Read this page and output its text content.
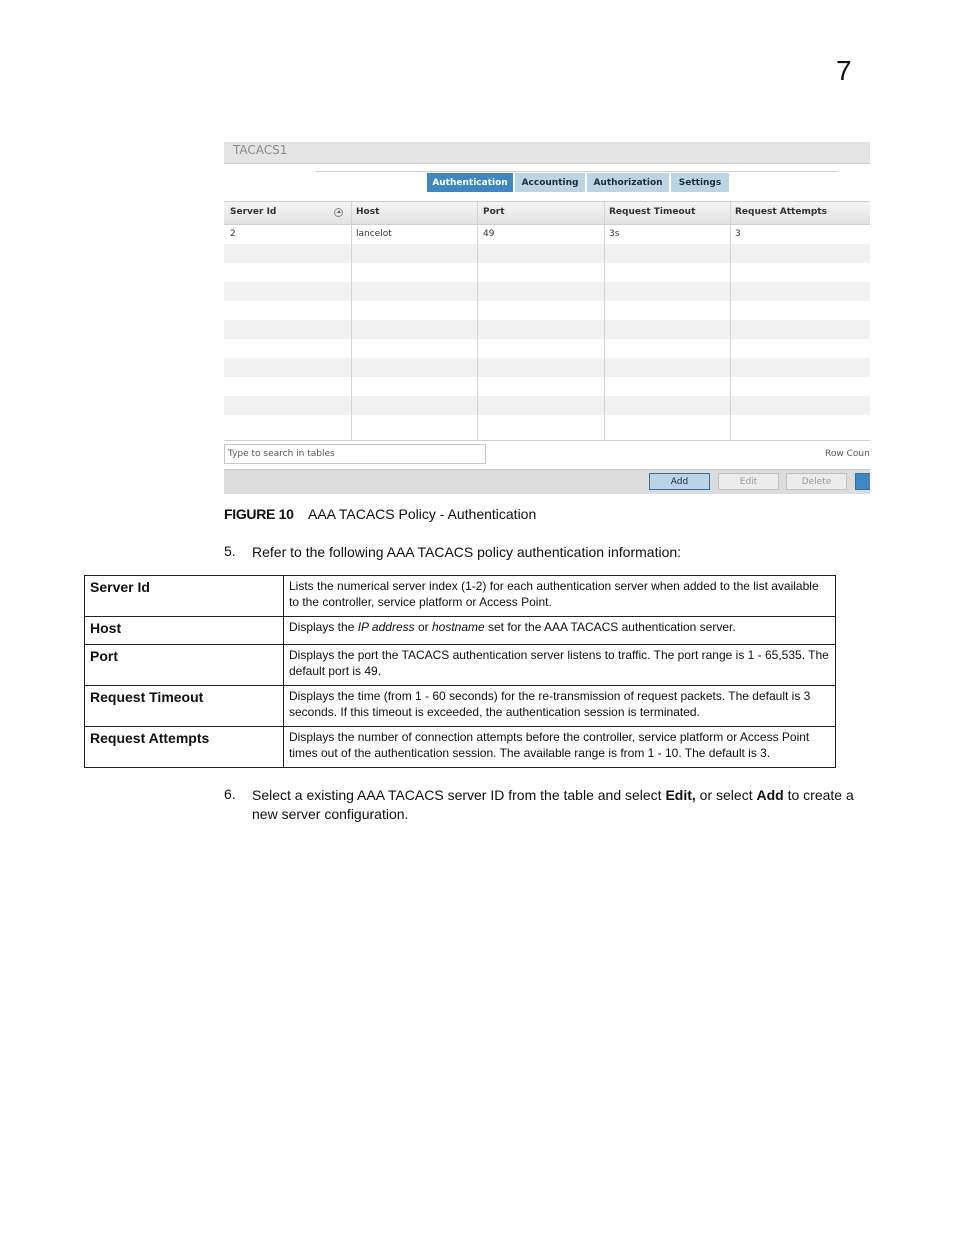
7
TACACS1
Authentication	Accounting	Authorization	Settings
Server Id	Host	Port	Request Timeout	Request Attempts
2	lancelot	49	3s	3
Type to search in tables	Row Coun
Add	Edit	Delete
FIGURE 10 AAA TACACS Policy - Authentication
5. Refer to the following AAA TACACS policy authentication information:
Server Id	Lists the numerical server index (1-2) for each authentication server when added to the list available to the controller, service platform or Access Point.
Host	Displays the IP address or hostname set for the AAA TACACS authentication server.
Port	Displays the port the TACACS authentication server listens to traffic. The port range is 1 - 65,535. The default port is 49.
Request Timeout	Displays the time (from 1 - 60 seconds) for the re-transmission of request packets. The default is 3 seconds. If this timeout is exceeded, the authentication session is terminated.
Request Attempts	Displays the number of connection attempts before the controller, service platform or Access Point times out of the authentication session. The available range is from 1 - 10. The default is 3.
6. Select a existing AAA TACACS server ID from the table and select Edit, or select Add to create a new server configuration.
